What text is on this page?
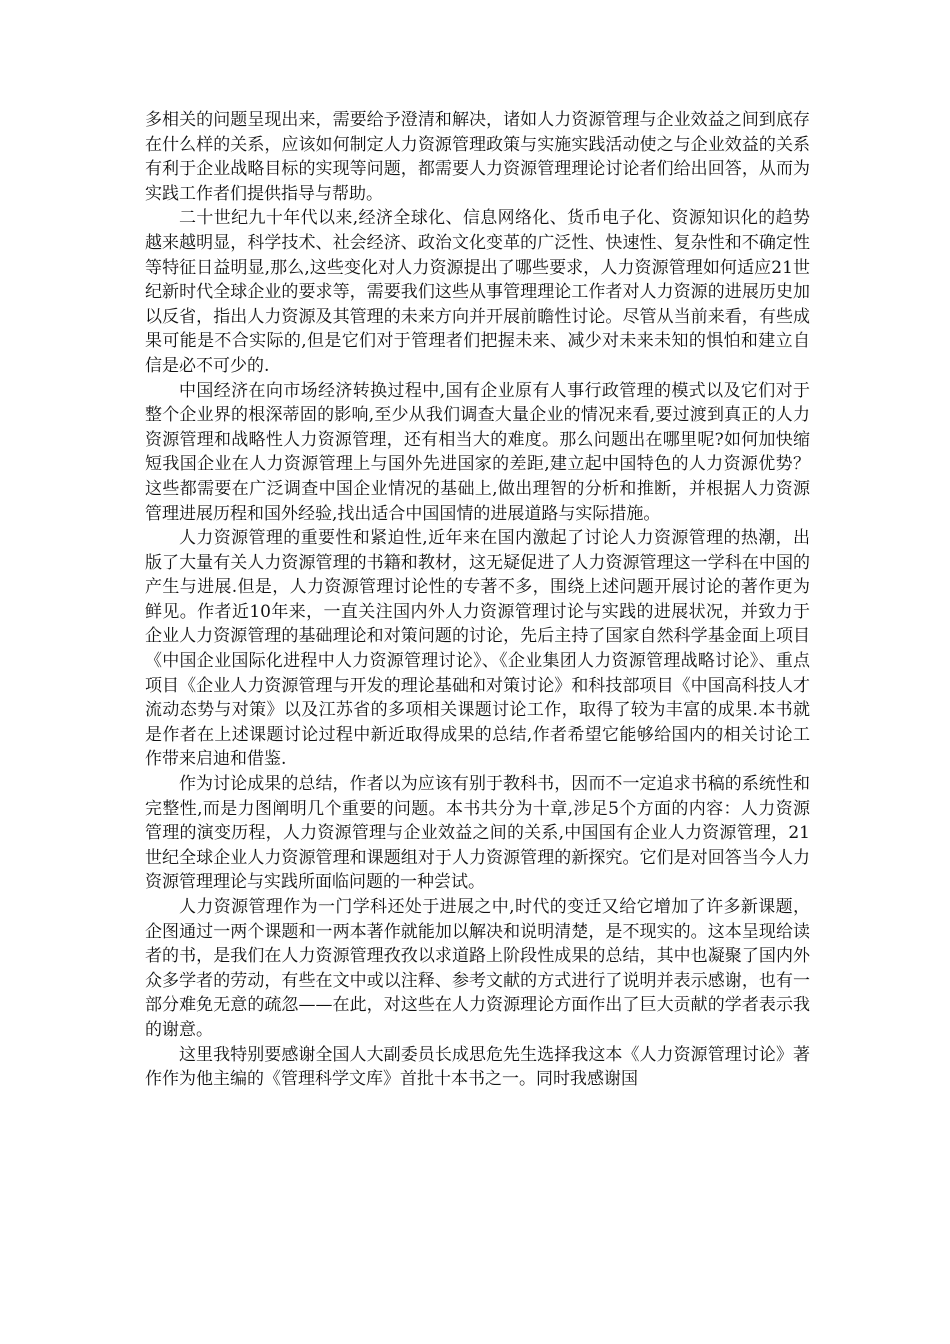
多相关的问题呈现出来，需要给予澄清和解决，诸如人力资源管理与企业效益之间到底存在什么样的关系，应该如何制定人力资源管理政策与实施实践活动使之与企业效益的关系有利于企业战略目标的实现等问题，都需要人力资源管理理论讨论者们给出回答，从而为实践工作者们提供指导与帮助。

二十世纪九十年代以来,经济全球化、信息网络化、货币电子化、资源知识化的趋势越来越明显，科学技术、社会经济、政治文化变革的广泛性、快速性、复杂性和不确定性等特征日益明显,那么,这些变化对人力资源提出了哪些要求，人力资源管理如何适应21世纪新时代全球企业的要求等，需要我们这些从事管理理论工作者对人力资源的进展历史加以反省，指出人力资源及其管理的未来方向并开展前瞻性讨论。尽管从当前来看，有些成果可能是不合实际的,但是它们对于管理者们把握未来、减少对未来未知的惧怕和建立自信是必不可少的.

中国经济在向市场经济转换过程中,国有企业原有人事行政管理的模式以及它们对于整个企业界的根深蒂固的影响,至少从我们调查大量企业的情况来看,要过渡到真正的人力资源管理和战略性人力资源管理，还有相当大的难度。那么问题出在哪里呢?如何加快缩短我国企业在人力资源管理上与国外先进国家的差距,建立起中国特色的人力资源优势？这些都需要在广泛调查中国企业情况的基础上,做出理智的分析和推断，并根据人力资源管理进展历程和国外经验,找出适合中国国情的进展道路与实际措施。

人力资源管理的重要性和紧迫性,近年来在国内激起了讨论人力资源管理的热潮，出版了大量有关人力资源管理的书籍和教材，这无疑促进了人力资源管理这一学科在中国的产生与进展.但是，人力资源管理讨论性的专著不多，围绕上述问题开展讨论的著作更为鲜见。作者近10年来，一直关注国内外人力资源管理讨论与实践的进展状况，并致力于企业人力资源管理的基础理论和对策问题的讨论，先后主持了国家自然科学基金面上项目《中国企业国际化进程中人力资源管理讨论》、《企业集团人力资源管理战略讨论》、重点项目《企业人力资源管理与开发的理论基础和对策讨论》和科技部项目《中国高科技人才流动态势与对策》以及江苏省的多项相关课题讨论工作，取得了较为丰富的成果.本书就是作者在上述课题讨论过程中新近取得成果的总结,作者希望它能够给国内的相关讨论工作带来启迪和借鉴.

作为讨论成果的总结，作者以为应该有别于教科书，因而不一定追求书稿的系统性和完整性,而是力图阐明几个重要的问题。本书共分为十章,涉足5个方面的内容：人力资源管理的演变历程，人力资源管理与企业效益之间的关系,中国国有企业人力资源管理，21世纪全球企业人力资源管理和课题组对于人力资源管理的新探究。它们是对回答当今人力资源管理理论与实践所面临问题的一种尝试。

人力资源管理作为一门学科还处于进展之中,时代的变迁又给它增加了许多新课题，企图通过一两个课题和一两本著作就能加以解决和说明清楚，是不现实的。这本呈现给读者的书，是我们在人力资源管理孜孜以求道路上阶段性成果的总结，其中也凝聚了国内外众多学者的劳动，有些在文中或以注释、参考文献的方式进行了说明并表示感谢，也有一部分难免无意的疏忽——在此，对这些在人力资源理论方面作出了巨大贡献的学者表示我的谢意。

这里我特别要感谢全国人大副委员长成思危先生选择我这本《人力资源管理讨论》著作作为他主编的《管理科学文库》首批十本书之一。同时我感谢国
